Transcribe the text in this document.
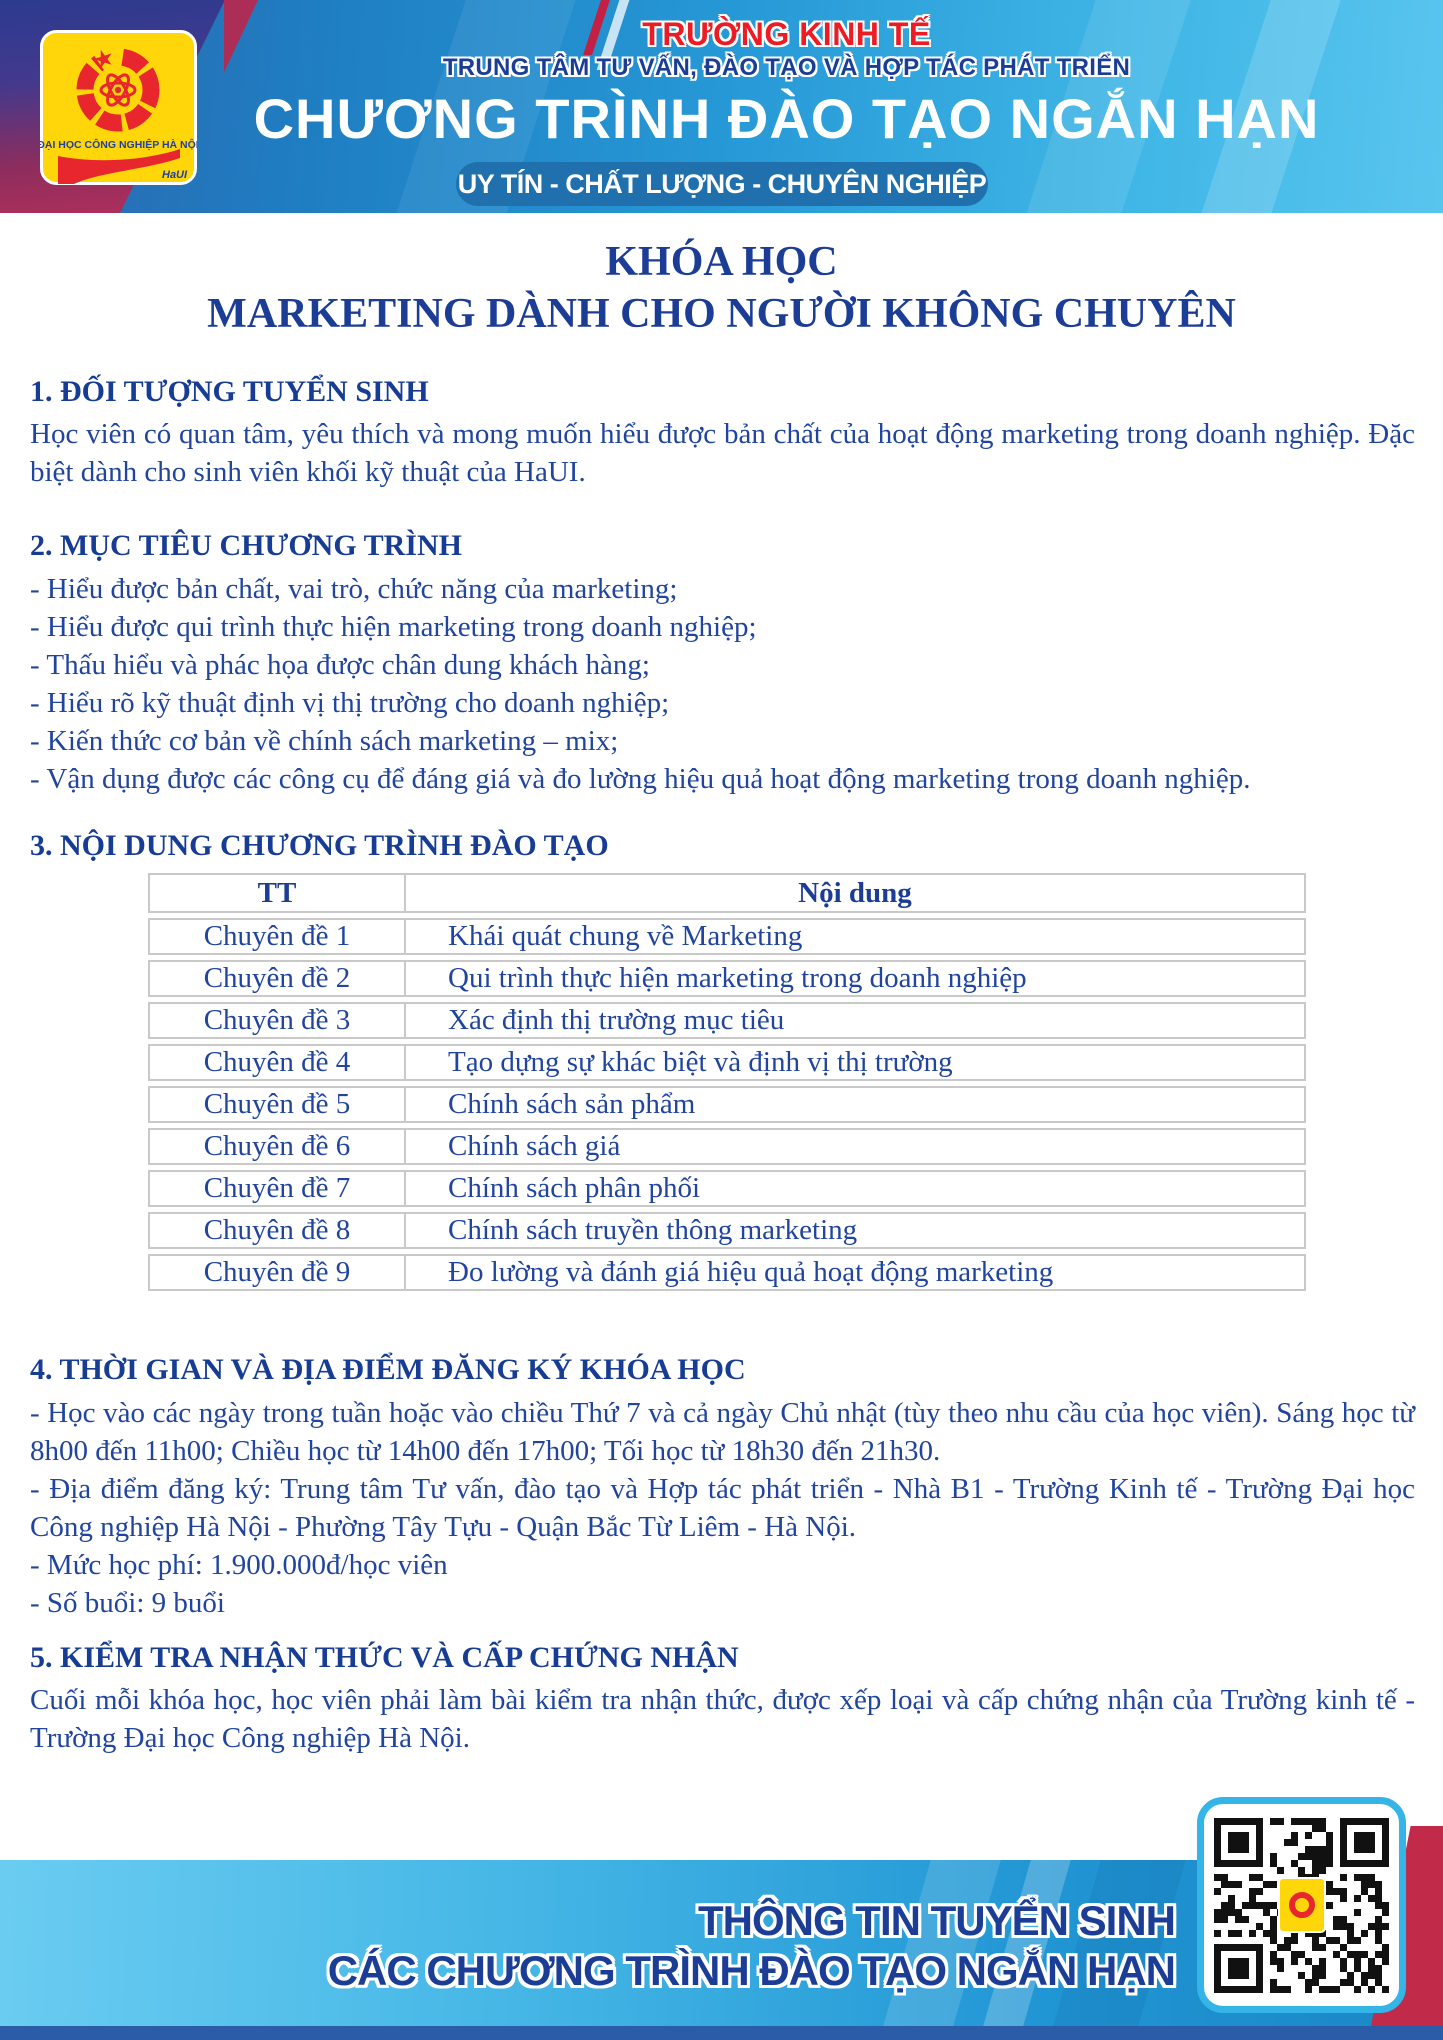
TRƯỜNG KINH TẾ
TRUNG TÂM TƯ VẤN, ĐÀO TẠO VÀ HỢP TÁC PHÁT TRIỂN
CHƯƠNG TRÌNH ĐÀO TẠO NGẮN HẠN
UY TÍN - CHẤT LƯỢNG - CHUYÊN NGHIỆP
★
ĐẠI HỌC CÔNG NGHIỆP HÀ NỘI
HaUI
KHÓA HỌC
MARKETING DÀNH CHO NGƯỜI KHÔNG CHUYÊN
1. ĐỐI TƯỢNG TUYỂN SINH
Học viên có quan tâm, yêu thích và mong muốn hiểu được bản chất của hoạt động marketing trong doanh nghiệp. Đặc biệt dành cho sinh viên khối kỹ thuật của HaUI.
2. MỤC TIÊU CHƯƠNG TRÌNH
- Hiểu được bản chất, vai trò, chức năng của marketing;
- Hiểu được qui trình thực hiện marketing trong doanh nghiệp;
- Thấu hiểu và phác họa được chân dung khách hàng;
- Hiểu rõ kỹ thuật định vị thị trường cho doanh nghiệp;
- Kiến thức cơ bản về chính sách marketing – mix;
- Vận dụng được các công cụ để đáng giá và đo lường hiệu quả hoạt động marketing trong doanh nghiệp.
3. NỘI DUNG CHƯƠNG TRÌNH ĐÀO TẠO
TT	Nội dung
Chuyên đề 1	Khái quát chung về Marketing
Chuyên đề 2	Qui trình thực hiện marketing trong doanh nghiệp
Chuyên đề 3	Xác định thị trường mục tiêu
Chuyên đề 4	Tạo dựng sự khác biệt và định vị thị trường
Chuyên đề 5	Chính sách sản phẩm
Chuyên đề 6	Chính sách giá
Chuyên đề 7	Chính sách phân phối
Chuyên đề 8	Chính sách truyền thông marketing
Chuyên đề 9	Đo lường và đánh giá hiệu quả hoạt động marketing
4. THỜI GIAN VÀ ĐỊA ĐIỂM ĐĂNG KÝ KHÓA HỌC
- Học vào các ngày trong tuần hoặc vào chiều Thứ 7 và cả ngày Chủ nhật (tùy theo nhu cầu của học viên). Sáng học từ 8h00 đến 11h00; Chiều học từ 14h00 đến 17h00; Tối học từ 18h30 đến 21h30.
- Địa điểm đăng ký: Trung tâm Tư vấn, đào tạo và Hợp tác phát triển - Nhà B1 - Trường Kinh tế - Trường Đại học Công nghiệp Hà Nội - Phường Tây Tựu - Quận Bắc Từ Liêm - Hà Nội.
- Mức học phí: 1.900.000đ/học viên
- Số buổi: 9 buổi
5. KIỂM TRA NHẬN THỨC VÀ CẤP CHỨNG NHẬN
Cuối mỗi khóa học, học viên phải làm bài kiểm tra nhận thức, được xếp loại và cấp chứng nhận của Trường kinh tế - Trường Đại học Công nghiệp Hà Nội.
THÔNG TIN TUYỂN SINH
CÁC CHƯƠNG TRÌNH ĐÀO TẠO NGẮN HẠN
